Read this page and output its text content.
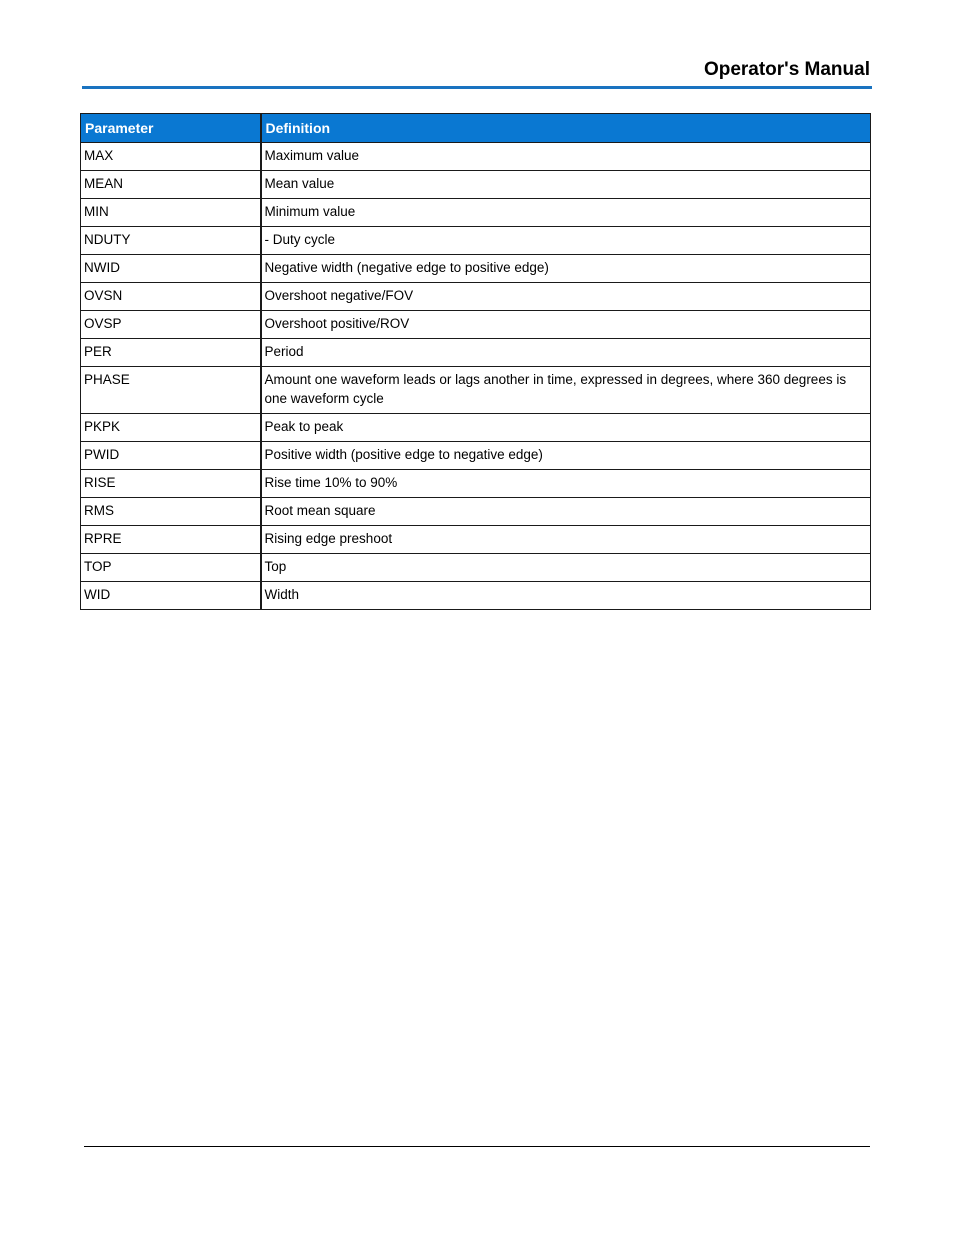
Operator's Manual
Parameter	Definition
MAX	Maximum value
MEAN	Mean value
MIN	Minimum value
NDUTY	- Duty cycle
NWID	Negative width (negative edge to positive edge)
OVSN	Overshoot negative/FOV
OVSP	Overshoot positive/ROV
PER	Period
PHASE	Amount one waveform leads or lags another in time, expressed in degrees, where 360 degrees is one waveform cycle
PKPK	Peak to peak
PWID	Positive width (positive edge to negative edge)
RISE	Rise time 10% to 90%
RMS	Root mean square
RPRE	Rising edge preshoot
TOP	Top
WID	Width
